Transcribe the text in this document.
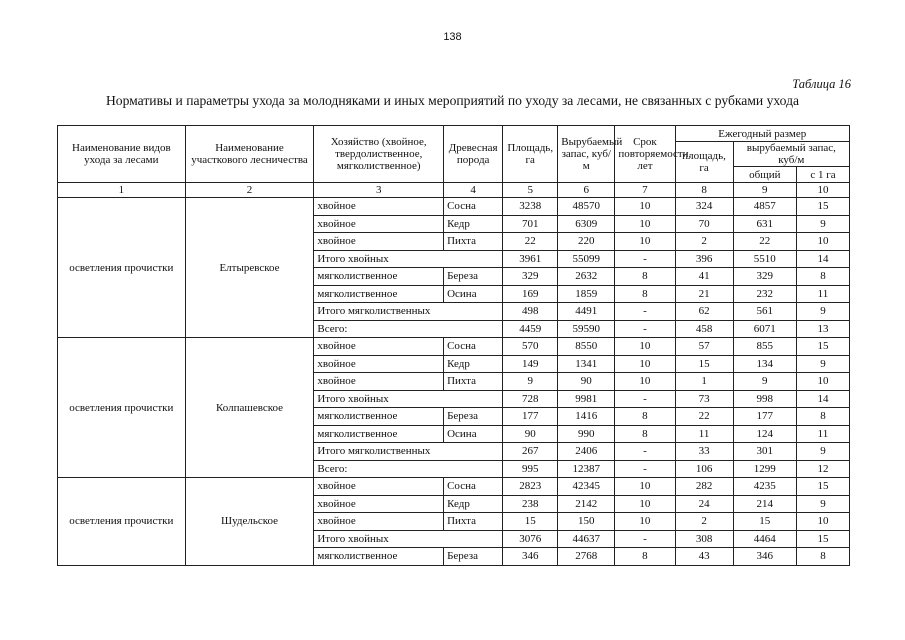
138
Таблица 16
Нормативы и параметры ухода за молодняками и иных мероприятий по уходу за лесами, не связанных с рубками ухода
Наименование видов ухода за лесами	Наименование участкового лесничества	Хозяйство (хвойное, твердолиственное, мягколиственное)	Древесная порода	Площадь, га	Вырубаемый запас, куб/м	Срок повторяемости, лет	Ежегодный размер		
							площадь, га	вырубаемый запас, куб/м	
								общий	с 1 га
1	2	3	4	5	6	7	8	9	10
осветления прочистки	Елтыревское	хвойное	Сосна	3238	48570	10	324	4857	15
		хвойное	Кедр	701	6309	10	70	631	9
		хвойное	Пихта	22	220	10	2	22	10
		Итого хвойных		3961	55099	-	396	5510	14
		мягколиственное	Береза	329	2632	8	41	329	8
		мягколиственное	Осина	169	1859	8	21	232	11
		Итого мягколиственных		498	4491	-	62	561	9
		Всего:		4459	59590	-	458	6071	13
осветления прочистки	Колпашевское	хвойное	Сосна	570	8550	10	57	855	15
		хвойное	Кедр	149	1341	10	15	134	9
		хвойное	Пихта	9	90	10	1	9	10
		Итого хвойных		728	9981	-	73	998	14
		мягколиственное	Береза	177	1416	8	22	177	8
		мягколиственное	Осина	90	990	8	11	124	11
		Итого мягколиственных		267	2406	-	33	301	9
		Всего:		995	12387	-	106	1299	12
осветления прочистки	Шудельское	хвойное	Сосна	2823	42345	10	282	4235	15
		хвойное	Кедр	238	2142	10	24	214	9
		хвойное	Пихта	15	150	10	2	15	10
		Итого хвойных		3076	44637	-	308	4464	15
		мягколиственное	Береза	346	2768	8	43	346	8
